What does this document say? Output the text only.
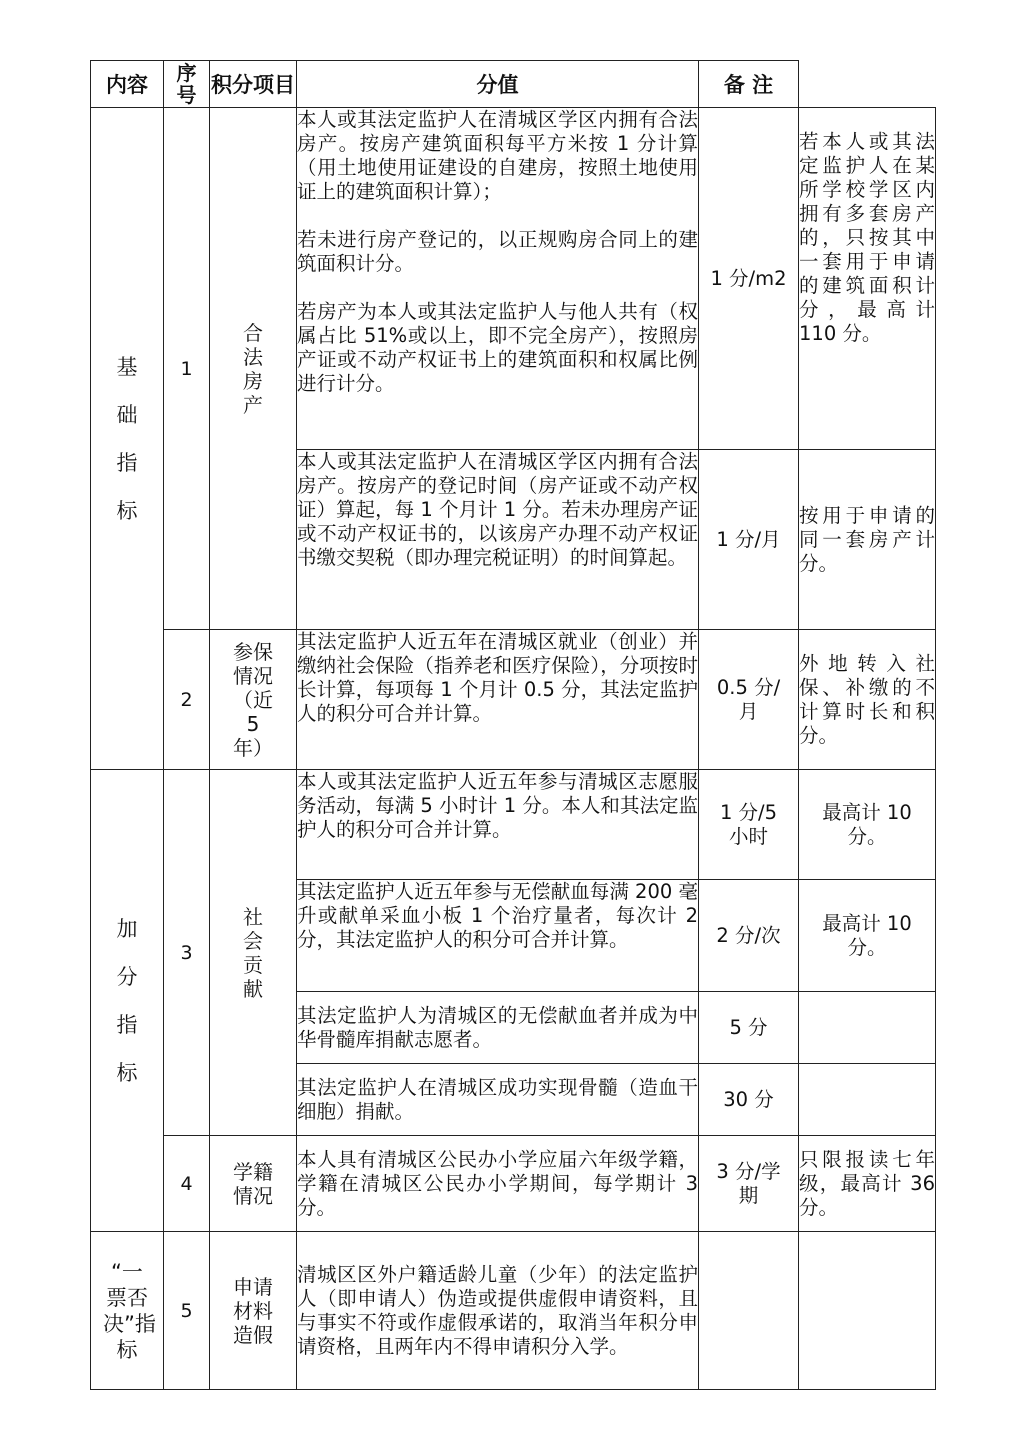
内容	序号	积分项目	分值	备 注	
基础指标	1	合法房产	本人或其法定监护人在清城区学区内拥有合法房产。按房产建筑面积每平方米按 1 分计算（用土地使用证建设的自建房，按照土地使用证上的建筑面积计算）；

若未进行房产登记的，以正规购房合同上的建筑面积计分。

若房产为本人或其法定监护人与他人共有（权属占比 51%或以上，即不完全房产），按照房产证或不动产权证书上的建筑面积和权属比例进行计分。	1 分/m2	若本人或其法定监护人在某所学校学区内拥有多套房产的，只按其中一套用于申请的建筑面积计分，最高计 110 分。
			本人或其法定监护人在清城区学区内拥有合法房产。按房产的登记时间（房产证或不动产权证）算起，每 1 个月计 1 分。若未办理房产证或不动产权证书的，以该房产办理不动产权证书缴交契税（即办理完税证明）的时间算起。	1 分/月	按用于申请的同一套房产计分。
	2	参保情况（近 5 年）	其法定监护人近五年在清城区就业（创业）并缴纳社会保险（指养老和医疗保险），分项按时长计算，每项每 1 个月计 0.5 分，其法定监护人的积分可合并计算。	0.5 分/月	外地转入社保、补缴的不计算时长和积分。
加分指标	3	社会贡献	本人或其法定监护人近五年参与清城区志愿服务活动，每满 5 小时计 1 分。本人和其法定监护人的积分可合并计算。	1 分/5 小时	最高计 10 分。
			其法定监护人近五年参与无偿献血每满 200 毫升或献单采血小板 1 个治疗量者，每次计 2 分，其法定监护人的积分可合并计算。	2 分/次	最高计 10 分。
			其法定监护人为清城区的无偿献血者并成为中华骨髓库捐献志愿者。	5 分	
			其法定监护人在清城区成功实现骨髓（造血干细胞）捐献。	30 分	
	4	学籍情况	本人具有清城区公民办小学应届六年级学籍，学籍在清城区公民办小学期间，每学期计 3 分。	3 分/学期	只限报读七年级，最高计 36 分。
“一票否决”指标	5	申请材料造假	清城区区外户籍适龄儿童（少年）的法定监护人（即申请人）伪造或提供虚假申请资料，且与事实不符或作虚假承诺的，取消当年积分申请资格，且两年内不得申请积分入学。		
